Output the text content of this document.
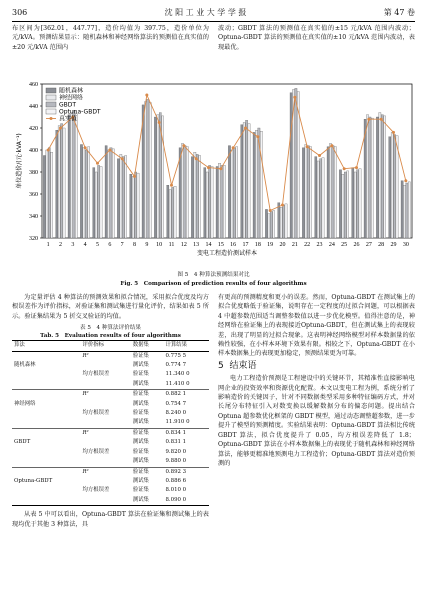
306	沈 阳 工 业 大 学 学 报	第 47 卷

布区间为[362.01，447.77]，造价均值为 397.75，造价单位为元/kVA。预测结果显示：随机森林和神经网络算法的预测值在真实值的±20 元/kVA 范围内

波动；GBDT 算法的预测值在真实值的±15 元/kVA 范围内波动；Optuna-GBDT 算法的预测值在真实值的±10 元/kVA 范围内波动，表现最优。

320
340
360
380
400
420
440
460
1 2 3 4 5 6 7 8 9 10 11 12 13 14 15 16 17 18 19 20 21 22 23 24 25 26 27 28 29 30
变电工程造价测试样本
单位造价/(元·kVA⁻¹)
随机森林
神经网络
GBDT
Optuna-GBDT
真实值
图 5　4 种算法预测结果对比
Fig. 5　Comparison of prediction results of four algorithms

为定量评估 4 种算法的预测效果和拟合情况，采用拟合优度及均方根误差作为评价指标，对验证集和测试集进行量化评价，结果如表 5 所示。验证集结果为 5 折交叉验证的均值。

表 5　4 种算法评价结果
Tab. 5　Evaluation results of four algorithms
算法	评价指标	数据集	计算结果
	R²	验证集	0.775 5
随机森林		测试集	0.774 7
	均方根误差	验证集	11.340 0
		测试集	11.410 0
	R²	验证集	0.882 1
神经网络		测试集	0.754 7
	均方根误差	验证集	8.240 0
		测试集	11.910 0
	R²	验证集	0.834 1
GBDT		测试集	0.831 1
	均方根误差	验证集	9.820 0
		测试集	9.880 0
	R²	验证集	0.892 3
Optuna-GBDT		测试集	0.886 6
	均方根误差	验证集	8.010 0
		测试集	8.090 0

从表 5 中可以看出，Optuna-GBDT 算法在验证集和测试集上的表现均优于其他 3 种算法，具

有更高的预测精度和更小的误差。然而，Optuna-GBDT 在测试集上的拟合优度略低于验证集，说明存在一定程度的过拟合问题，可以根据表 4 中超参数范围适当调整参数值以进一步优化模型。值得注意的是，神经网络在验证集上的表现接近Optuna-GBDT，但在测试集上的表现较差，出现了明显的过拟合现象。这表明神经网络模型对样本数据量的依赖性较强，在小样本环境下效果有限。相较之下，Optuna-GBDT 在小样本数据集上的表现更加稳定，预测结果更为可靠。

5 结束语

电力工程造价预测是工程建设中的关键环节，其精准性直接影响电网企业的投资效率和资源优化配置。本文以变电工程为例，系统分析了影响造价的关键因子，针对不同数据类型采用多种特征编码方式，并对长尾分布特征引入对数变换以缓解数据分布的偏态问题。提出结合 Optuna 超参数优化框架的 GBDT 模型，通过动态调整超参数，进一步提升了模型的预测精度。实验结果表明：Optuna-GBDT 算法相比传统 GBDT 算法，拟合优度提升了 0.05，均方根误差降低了 1.8；Optuna-GBDT 算法在小样本数据集上的表现优于随机森林和神经网络算法，能够更精准地预测电力工程造价；Optuna-GBDT 算法对造价预测的
